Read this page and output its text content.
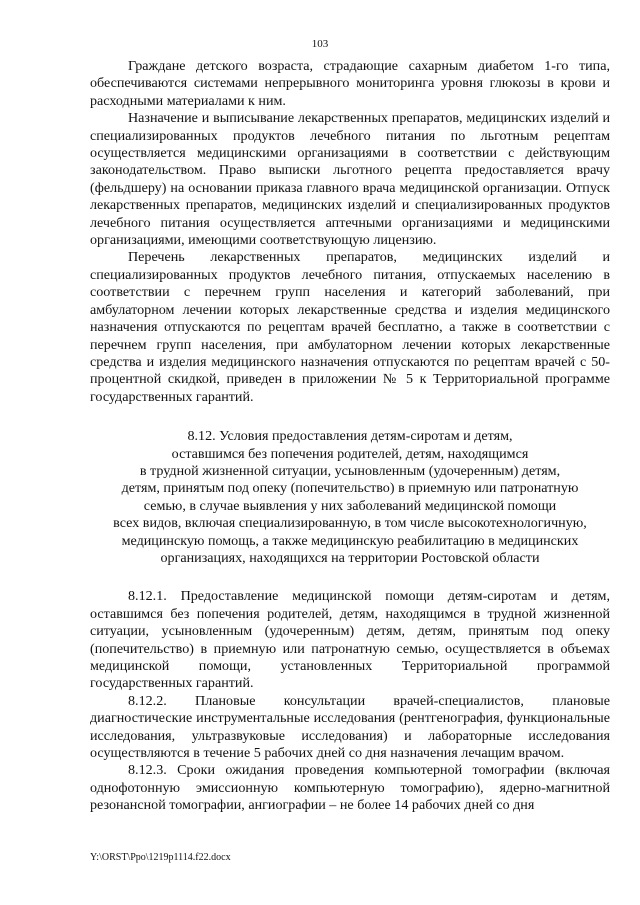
103

Граждане детского возраста, страдающие сахарным диабетом 1-го типа, обеспечиваются системами непрерывного мониторинга уровня глюкозы в крови и расходными материалами к ним.

Назначение и выписывание лекарственных препаратов, медицинских изделий и специализированных продуктов лечебного питания по льготным рецептам осуществляется медицинскими организациями в соответствии с действующим законодательством. Право выписки льготного рецепта предоставляется врачу (фельдшеру) на основании приказа главного врача медицинской организации. Отпуск лекарственных препаратов, медицинских изделий и специализированных продуктов лечебного питания осуществляется аптечными организациями и медицинскими организациями, имеющими соответствующую лицензию.

Перечень лекарственных препаратов, медицинских изделий и специализированных продуктов лечебного питания, отпускаемых населению в соответствии с перечнем групп населения и категорий заболеваний, при амбулаторном лечении которых лекарственные средства и изделия медицинского назначения отпускаются по рецептам врачей бесплатно, а также в соответствии с перечнем групп населения, при амбулаторном лечении которых лекарственные средства и изделия медицинского назначения отпускаются по рецептам врачей с 50-процентной скидкой, приведен в приложении № 5 к Территориальной программе государственных гарантий.

8.12. Условия предоставления детям-сиротам и детям,
оставшимся без попечения родителей, детям, находящимся
в трудной жизненной ситуации, усыновленным (удочеренным) детям,
детям, принятым под опеку (попечительство) в приемную или патронатную
семью, в случае выявления у них заболеваний медицинской помощи
всех видов, включая специализированную, в том числе высокотехнологичную,
медицинскую помощь, а также медицинскую реабилитацию в медицинских
организациях, находящихся на территории Ростовской области

8.12.1. Предоставление медицинской помощи детям-сиротам и детям, оставшимся без попечения родителей, детям, находящимся в трудной жизненной ситуации, усыновленным (удочеренным) детям, детям, принятым под опеку (попечительство) в приемную или патронатную семью, осуществляется в объемах медицинской помощи, установленных Территориальной программой государственных гарантий.

8.12.2. Плановые консультации врачей-специалистов, плановые диагностические инструментальные исследования (рентгенография, функциональные исследования, ультразвуковые исследования) и лабораторные исследования осуществляются в течение 5 рабочих дней со дня назначения лечащим врачом.

8.12.3. Сроки ожидания проведения компьютерной томографии (включая однофотонную эмиссионную компьютерную томографию), ядерно-магнитной резонансной томографии, ангиографии – не более 14 рабочих дней со дня

Y:\ORST\Ppo\1219p1114.f22.docx
